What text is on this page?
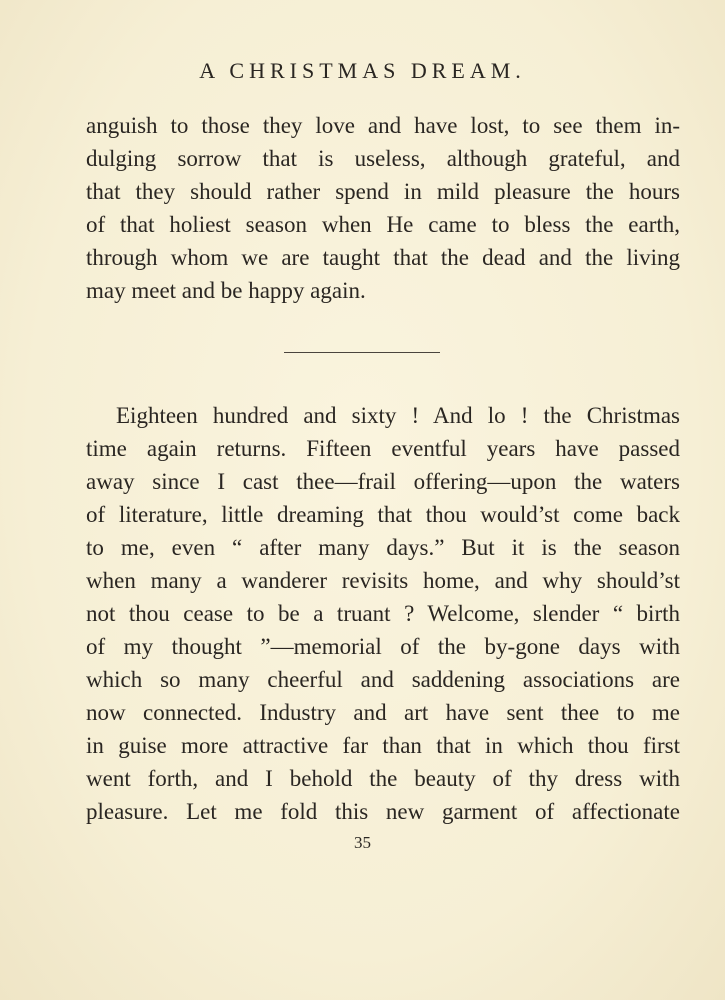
A CHRISTMAS DREAM.
anguish to those they love and have lost, to see them in-
dulging sorrow that is useless, although grateful, and
that they should rather spend in mild pleasure the hours
of that holiest season when He came to bless the earth,
through whom we are taught that the dead and the living
may meet and be happy again.
Eighteen hundred and sixty ! And lo ! the Christmas
time again returns. Fifteen eventful years have passed
away since I cast thee—frail offering—upon the waters
of literature, little dreaming that thou would’st come back
to me, even “ after many days.” But it is the season
when many a wanderer revisits home, and why should’st
not thou cease to be a truant ? Welcome, slender “ birth
of my thought ”—memorial of the by-gone days with
which so many cheerful and saddening associations are
now connected. Industry and art have sent thee to me
in guise more attractive far than that in which thou first
went forth, and I behold the beauty of thy dress with
pleasure. Let me fold this new garment of affectionate
35
